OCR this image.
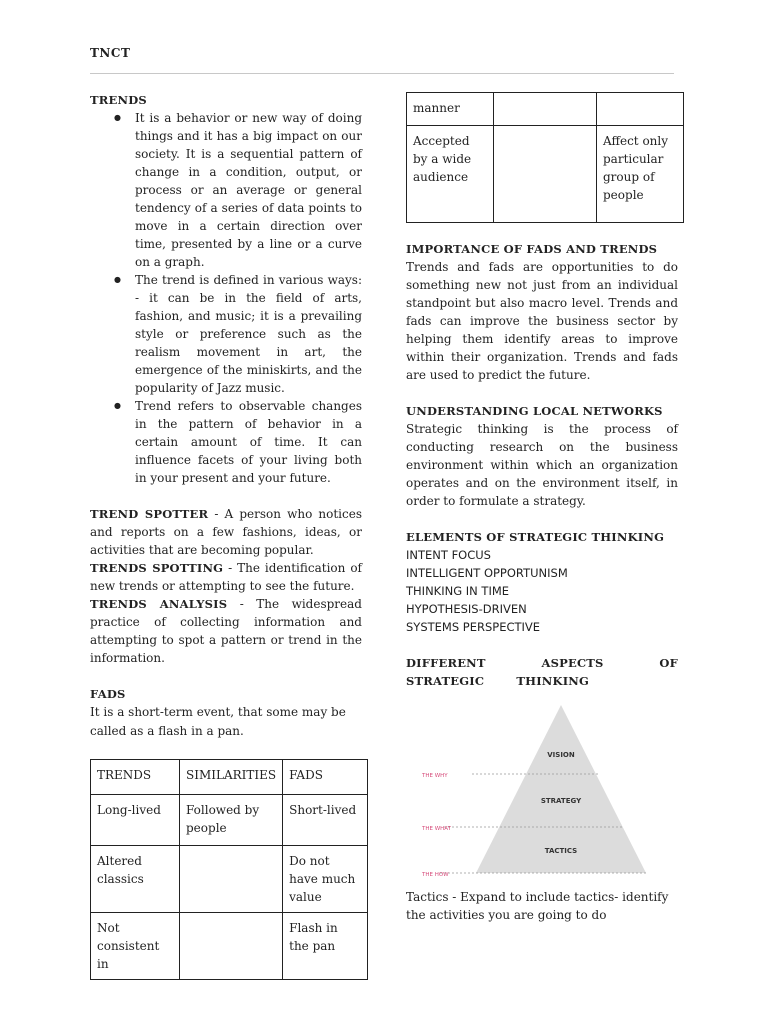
TNCT
TRENDS
● It is a behavior or new way of doing things and it has a big impact on our society. It is a sequential pattern of change in a condition, output, or process or an average or general tendency of a series of data points to move in a certain direction over time, presented by a line or a curve on a graph.
● The trend is defined in various ways: - it can be in the field of arts, fashion, and music; it is a prevailing style or preference such as the realism movement in art, the emergence of the miniskirts, and the popularity of Jazz music.
● Trend refers to observable changes in the pattern of behavior in a certain amount of time. It can influence facets of your living both in your present and your future.
TREND SPOTTER - A person who notices and reports on a few fashions, ideas, or activities that are becoming popular.
TRENDS SPOTTING - The identification of new trends or attempting to see the future.
TRENDS ANALYSIS - The widespread practice of collecting information and attempting to spot a pattern or trend in the information.
FADS
It is a short-term event, that some may be called as a flash in a pan.
TRENDS	SIMILARITIES	FADS
Long-lived	Followed by people	Short-lived
Altered classics		Do not have much value
Not consistent in		Flash in the pan
manner		
Accepted by a wide audience		Affect only particular group of people
IMPORTANCE OF FADS AND TRENDS
Trends and fads are opportunities to do something new not just from an individual standpoint but also macro level. Trends and fads can improve the business sector by helping them identify areas to improve within their organization. Trends and fads are used to predict the future.
UNDERSTANDING LOCAL NETWORKS
Strategic thinking is the process of conducting research on the business environment within which an organization operates and on the environment itself, in order to formulate a strategy.
ELEMENTS OF STRATEGIC THINKING
INTENT FOCUS
INTELLIGENT OPPORTUNISM
THINKING IN TIME
HYPOTHESIS-DRIVEN
SYSTEMS PERSPECTIVE
DIFFERENT ASPECTS OF STRATEGIC THINKING
VISION
STRATEGY
TACTICS
THE WHY
THE WHAT
THE HOW
Tactics - Expand to include tactics- identify the activities you are going to do
